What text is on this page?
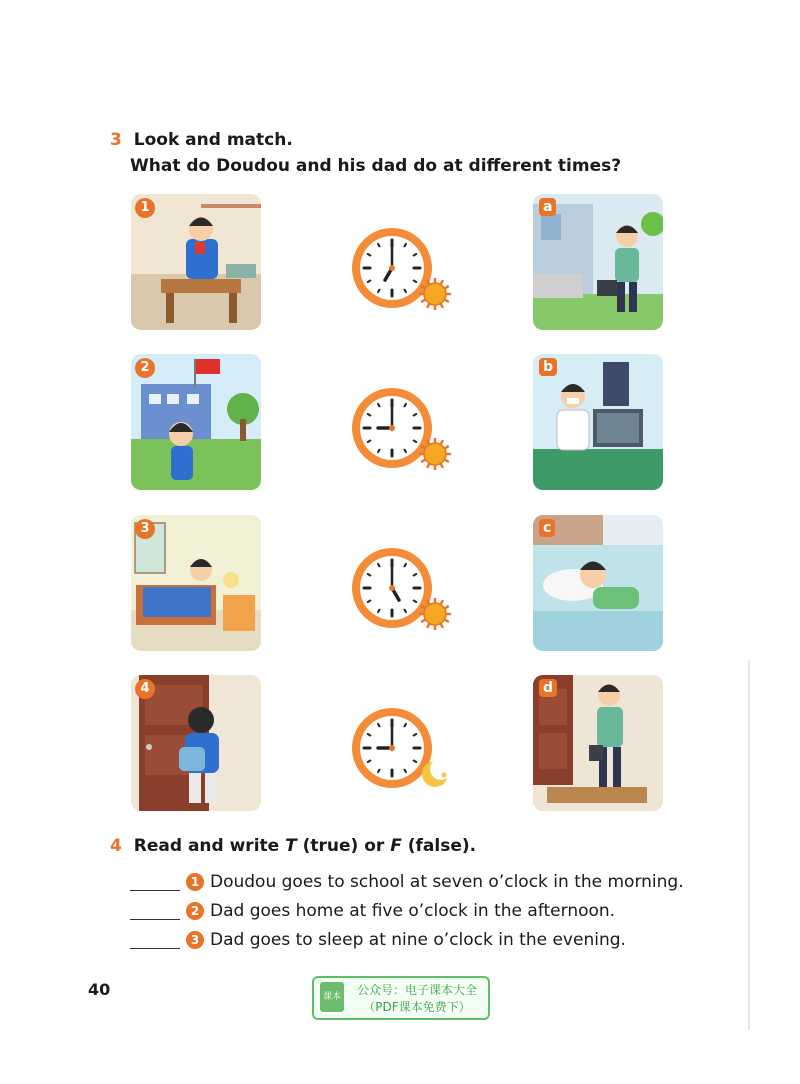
3 Look and match.
What do Doudou and his dad do at different times?
1
2
3
4
a
b
c
d
4 Read and write T (true) or F (false).
1 Doudou goes to school at seven o’clock in the morning.
2 Dad goes home at five o’clock in the afternoon.
3 Dad goes to sleep at nine o’clock in the evening.
40	课本	公众号：电子课本大全
（PDF课本免费下）
